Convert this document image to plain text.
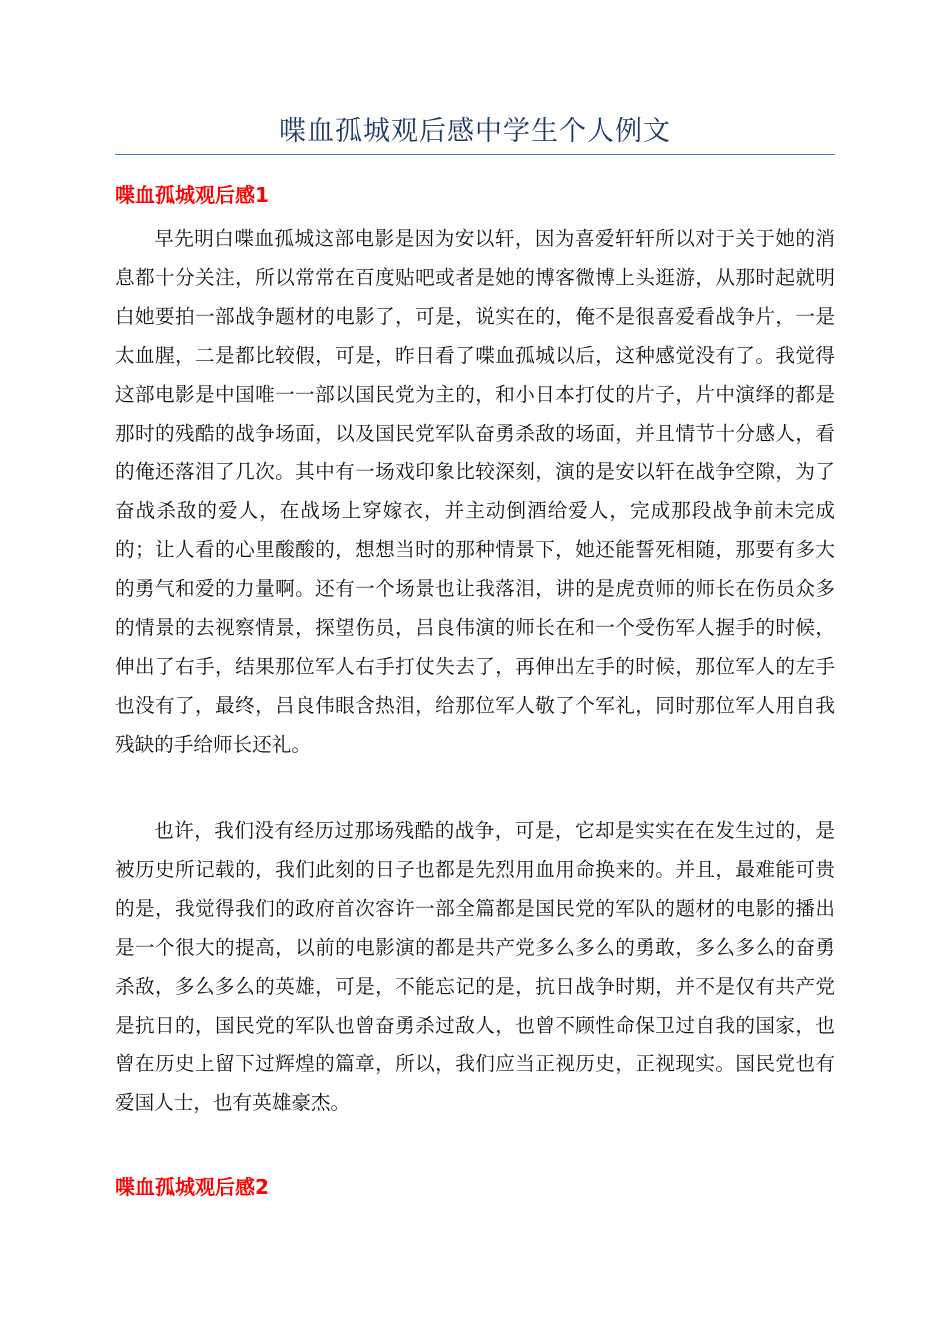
喋血孤城观后感中学生个人例文
喋血孤城观后感1

早先明白喋血孤城这部电影是因为安以轩，因为喜爱轩轩所以对于关于她的消息都十分关注，所以常常在百度贴吧或者是她的博客微博上头逛游，从那时起就明白她要拍一部战争题材的电影了，可是，说实在的，俺不是很喜爱看战争片，一是太血腥，二是都比较假，可是，昨日看了喋血孤城以后，这种感觉没有了。我觉得这部电影是中国唯一一部以国民党为主的，和小日本打仗的片子，片中演绎的都是那时的残酷的战争场面，以及国民党军队奋勇杀敌的场面，并且情节十分感人，看的俺还落泪了几次。其中有一场戏印象比较深刻，演的是安以轩在战争空隙，为了奋战杀敌的爱人，在战场上穿嫁衣，并主动倒酒给爱人，完成那段战争前未完成的；让人看的心里酸酸的，想想当时的那种情景下，她还能誓死相随，那要有多大的勇气和爱的力量啊。还有一个场景也让我落泪，讲的是虎贲师的师长在伤员众多的情景的去视察情景，探望伤员，吕良伟演的师长在和一个受伤军人握手的时候，伸出了右手，结果那位军人右手打仗失去了，再伸出左手的时候，那位军人的左手也没有了，最终，吕良伟眼含热泪，给那位军人敬了个军礼，同时那位军人用自我残缺的手给师长还礼。

也许，我们没有经历过那场残酷的战争，可是，它却是实实在在发生过的，是被历史所记载的，我们此刻的日子也都是先烈用血用命换来的。并且，最难能可贵的是，我觉得我们的政府首次容许一部全篇都是国民党的军队的题材的电影的播出是一个很大的提高，以前的电影演的都是共产党多么多么的勇敢，多么多么的奋勇杀敌，多么多么的英雄，可是，不能忘记的是，抗日战争时期，并不是仅有共产党是抗日的，国民党的军队也曾奋勇杀过敌人，也曾不顾性命保卫过自我的国家，也曾在历史上留下过辉煌的篇章，所以，我们应当正视历史，正视现实。国民党也有爱国人士，也有英雄豪杰。

喋血孤城观后感2
